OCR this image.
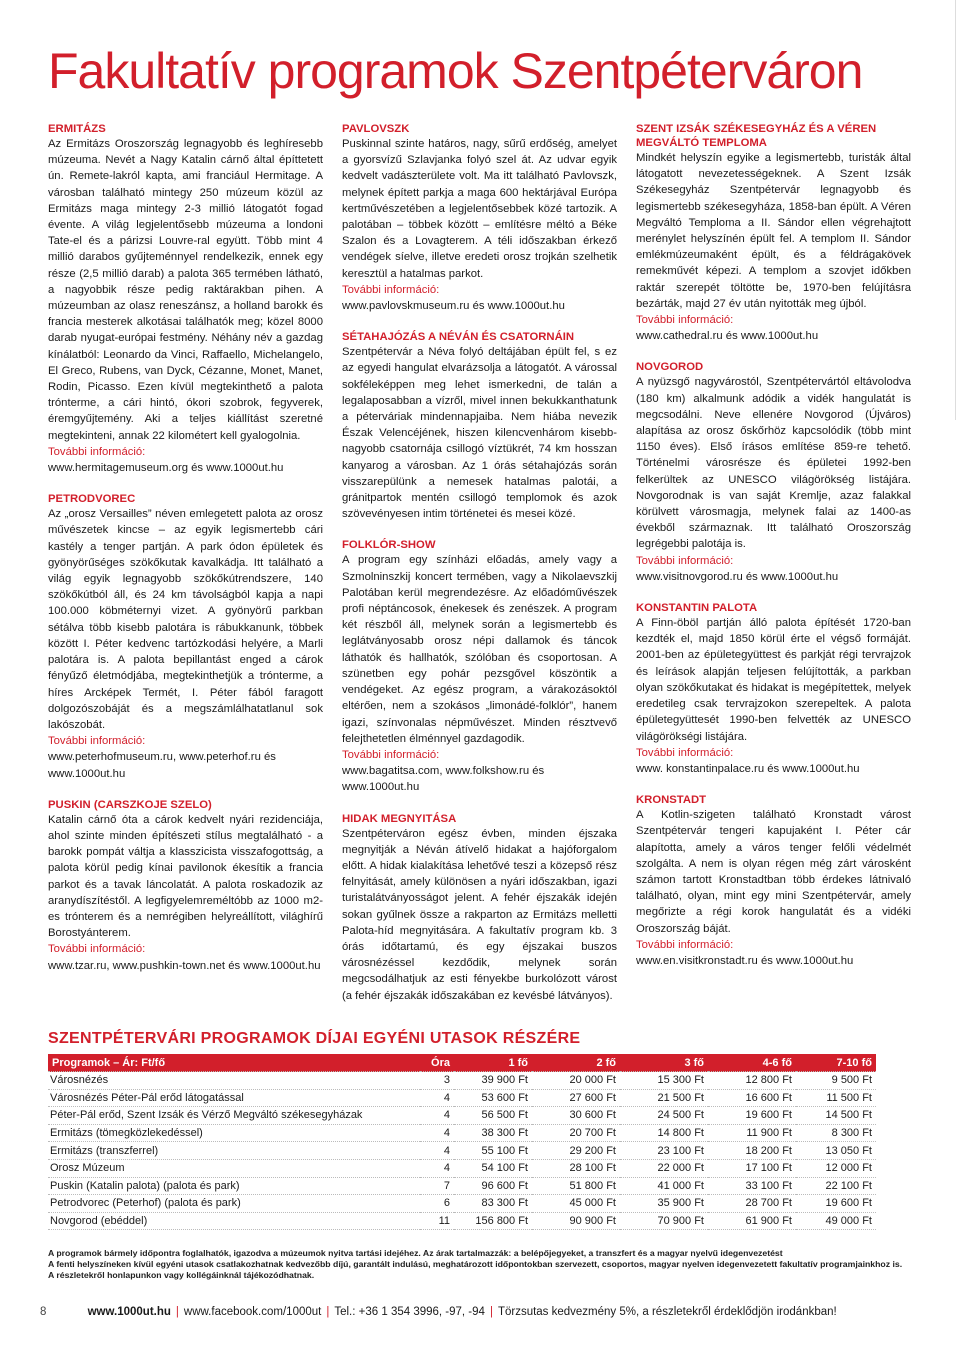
Fakultatív programok Szentpéterváron
ERMITÁZS

Az Ermitázs Oroszország legnagyobb és leghíresebb múzeuma. Nevét a Nagy Katalin cárnő által építtetett ún. Remete-lakról kapta, ami franciául Hermitage. A városban található mintegy 250 múzeum közül az Ermitázs maga mintegy 2-3 millió látogatót fogad évente. A világ legjelentősebb múzeuma a londoni Tate-el és a párizsi Louvre-ral együtt. Több mint 4 millió darabos gyűjteménnyel rendelkezik, ennek egy része (2,5 millió darab) a palota 365 termében látható, a nagyobbik része pedig raktárakban pihen. A múzeumban az olasz reneszánsz, a holland barokk és francia mesterek alkotásai találhatók meg; közel 8000 darab nyugat-európai festmény. Néhány név a gazdag kínálatból: Leonardo da Vinci, Raffaello, Michelangelo, El Greco, Rubens, van Dyck, Cézanne, Monet, Manet, Rodin, Picasso. Ezen kívül megtekinthető a palota trónterme, a cári hintó, ókori szobrok, fegyverek, éremgyűjtemény. Aki a teljes kiállítást szeretné megtekinteni, annak 22 kilométert kell gyalogolnia.

További információ:
www.hermitagemuseum.org és www.1000ut.hu
PETRODVOREC

Az „orosz Versailles” néven emlegetett palota az orosz művészetek kincse – az egyik legismertebb cári kastély a tenger partján. A park ódon épületek és gyönyörűséges szökőkutak kavalkádja. Itt található a világ egyik legnagyobb szökőkútrendszere, 140 szökőkútból áll, és 24 km távolságból kapja a napi 100.000 köbméternyi vizet. A gyönyörű parkban sétálva több kisebb palotára is rábukkanunk, többek között I. Péter kedvenc tartózkodási helyére, a Marli palotára is. A palota bepillantást enged a cárok fényűző életmódjába, megtekinthetjük a trónterme, a híres Arcképek Termét, I. Péter fából faragott dolgozószobáját és a megszámlálhatatlanul sok lakószobát.

További információ:
www.peterhofmuseum.ru, www.peterhof.ru és www.1000ut.hu
PUSKIN (CARSZKOJE SZELO)

Katalin cárnő óta a cárok kedvelt nyári rezidenciája, ahol szinte minden építészeti stílus megtalálható - a barokk pompát váltja a klasszicista visszafogottság, a palota körül pedig kínai pavilonok ékesítik a francia parkot és a tavak láncolatát. A palota roskadozik az aranydíszítéstől. A legfigyelemreméltóbb az 1000 m2-es trónterem és a nemrégiben helyreállított, világhírű Borostyánterem.

További információ:
www.tzar.ru, www.pushkin-town.net és www.1000ut.hu
PAVLOVSZK

Puskinnal szinte határos, nagy, sűrű erdőség, amelyet a gyorsvízű Szlavjanka folyó szel át. Az udvar egyik kedvelt vadászterülete volt. Ma itt található Pavlovszk, melynek épített parkja a maga 600 hektárjával Európa kertművészetében a legjelentősebbek közé tartozik. A palotában – többek között – említésre méltó a Béke Szalon és a Lovagterem. A téli időszakban érkező vendégek síelve, illetve eredeti orosz trojkán szelhetik keresztül a hatalmas parkot.

További információ:
www.pavlovskmuseum.ru és www.1000ut.hu
SÉTAHAJÓZÁS A NÉVÁN ÉS CSATORNÁIN

Szentpétervár a Néva folyó deltájában épült fel, s ez az egyedi hangulat elvarázsolja a látogatót. A várossal sokféleképpen meg lehet ismerkedni, de talán a legalaposabban a vízről, mivel innen bekukkanthatunk a péterváriak mindennapjaiba. Nem hiába nevezik Észak Velencéjének, hiszen kilencvenhárom kisebb-nagyobb csatornája csillogó víztükrét, 74 km hosszan kanyarog a városban. Az 1 órás sétahajózás során visszarepülünk a nemesek hatalmas palotái, a gránitpartok mentén csillogó templomok és azok szövevényesen intim történetei és mesei közé.

FOLKLÓR-SHOW

A program egy színházi előadás, amely vagy a Szmolninszkij koncert termében, vagy a Nikolaevszkij Palotában kerül megrendezésre. Az előadóművészek profi néptáncosok, énekesek és zenészek. A program két részből áll, melynek során a legismertebb és leglátványosabb orosz népi dallamok és táncok láthatók és hallhatók, szólóban és csoportosan. A szünetben egy pohár pezsgővel köszöntik a vendégeket. Az egész program, a várakozásoktól eltérően, nem a szokásos „limonádé-folklór”, hanem igazi, színvonalas népművészet. Minden résztvevő felejthetetlen élménnyel gazdagodik.

További információ:
www.bagatitsa.com, www.folkshow.ru és www.1000ut.hu
HIDAK MEGNYITÁSA

Szentpéterváron egész évben, minden éjszaka megnyitják a Néván átívelő hidakat a hajóforgalom előtt. A hidak kialakítása lehetővé teszi a közepső rész felnyitását, amely különösen a nyári időszakban, igazi turistalátványosságot jelent. A fehér éjszakák idején sokan gyűlnek össze a rakparton az Ermitázs melletti Palota-híd megnyitására. A fakultatív program kb. 3 órás időtartamú, és egy éjszakai buszos városnézéssel kezdődik, melynek során megcsodálhatjuk az esti fényekbe burkolózott várost (a fehér éjszakák időszakában ez kevésbé látványos).

SZENT IZSÁK SZÉKESEGYHÁZ ÉS A VÉREN MEGVÁLTÓ TEMPLOMA

Mindkét helyszín egyike a legismertebb, turisták által látogatott nevezetességeknek. A Szent Izsák Székesegyház Szentpétervár legnagyobb és legismertebb székesegyháza, 1858-ban épült. A Véren Megváltó Temploma a II. Sándor ellen végrehajtott merénylet helyszínén épült fel. A templom II. Sándor emlékmúzeumaként épült, és a féldrágakövek remekművét képezi. A templom a szovjet időkben raktár szerepét töltötte be, 1970-ben felújításra bezárták, majd 27 év után nyitották meg újból.

További információ:
www.cathedral.ru és www.1000ut.hu
NOVGOROD

A nyüzsgő nagyvárostól, Szentpétervártól eltávolodva (180 km) alkalmunk adódik a vidék hangulatát is megcsodálni. Neve ellenére Novgorod (Újváros) alapítása az orosz őskőrhöz kapcsolódik (több mint 1150 éves). Első írásos említése 859-re tehető. Történelmi városrésze és épületei 1992-ben felkerültek az UNESCO világörökség listájára. Novgorodnak is van saját Kremlje, azaz falakkal körülvett városmagja, melynek falai az 1400-as évekből származnak. Itt található Oroszország legrégebbi palotája is.

További információ:
www.visitnovgorod.ru és www.1000ut.hu
KONSTANTIN PALOTA

A Finn-öböl partján álló palota építését 1720-ban kezdték el, majd 1850 körül érte el végső formáját. 2001-ben az épületegyüttest és parkját régi tervrajzok és leírások alapján teljesen felújították, a parkban olyan szökőkutakat és hidakat is megépítettek, melyek eredetileg csak tervrajzokon szerepeltek. A palota épületegyüttesét 1990-ben felvették az UNESCO világörökségi listájára.

További információ:
www. konstantinpalace.ru és www.1000ut.hu
KRONSTADT

A Kotlin-szigeten található Kronstadt várost Szentpétervár tengeri kapujaként I. Péter cár alapította, amely a város tenger felőli védelmét szolgálta. A nem is olyan régen még zárt városként számon tartott Kronstadtban több érdekes látnivaló található, olyan, mint egy mini Szentpétervár, amely megőrizte a régi korok hangulatát és a vidéki Oroszország báját.

További információ:
www.en.visitkronstadt.ru és www.1000ut.hu
SZENTPÉTERVÁRI PROGRAMOK DÍJAI EGYÉNI UTASOK RÉSZÉRE
Programok – Ár: Ft/fő	Óra	1 fő	2 fő	3 fő	4-6 fő	7-10 fő
Városnézés	3	39 900 Ft	20 000 Ft	15 300 Ft	12 800 Ft	9 500 Ft
Városnézés Péter-Pál erőd látogatással	4	53 600 Ft	27 600 Ft	21 500 Ft	16 600 Ft	11 500 Ft
Péter-Pál erőd, Szent Izsák és Vérző Megváltó székesegyházak	4	56 500 Ft	30 600 Ft	24 500 Ft	19 600 Ft	14 500 Ft
Ermitázs (tömegközlekedéssel)	4	38 300 Ft	20 700 Ft	14 800 Ft	11 900 Ft	8 300 Ft
Ermitázs (transzferrel)	4	55 100 Ft	29 200 Ft	23 100 Ft	18 200 Ft	13 050 Ft
Orosz Múzeum	4	54 100 Ft	28 100 Ft	22 000 Ft	17 100 Ft	12 000 Ft
Puskin (Katalin palota) (palota és park)	7	96 600 Ft	51 800 Ft	41 000 Ft	33 100 Ft	22 100 Ft
Petrodvorec (Peterhof) (palota és park)	6	83 300 Ft	45 000 Ft	35 900 Ft	28 700 Ft	19 600 Ft
Novgorod (ebéddel)	11	156 800 Ft	90 900 Ft	70 900 Ft	61 900 Ft	49 000 Ft
A programok bármely időpontra foglalhatók, igazodva a múzeumok nyitva tartási idejéhez. Az árak tartalmazzák: a belépőjegyeket, a transzfert és a magyar nyelvű idegenvezetést
A fenti helyszíneken kívül egyéni utasok csatlakozhatnak kedvezőbb díjú, garantált indulású, meghatározott időpontokban szervezett, csoportos, magyar nyelven idegenvezetett fakultatív programjainkhoz is.
A részletekről honlapunkon vagy kollégáinknál tájékozódhatnak.
8	www.1000ut.hu | www.facebook.com/1000ut | Tel.: +36 1 354 3996, -97, -94 | Törzsutas kedvezmény 5%, a részletekről érdeklődjön irodánkban!
